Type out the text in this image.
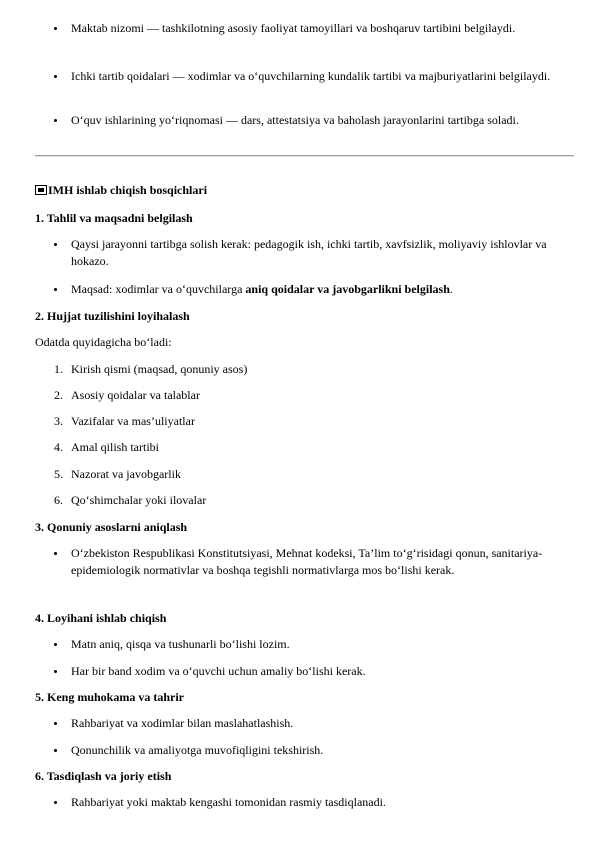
Maktab nizomi — tashkilotning asosiy faoliyat tamoyillari va boshqaruv tartibini belgilaydi.
Ichki tartib qoidalari — xodimlar va o‘quvchilarning kundalik tartibi va majburiyatlarini belgilaydi.
O‘quv ishlarining yo‘riqnomasi — dars, attestatsiya va baholash jarayonlarini tartibga soladi.
IMH ishlab chiqish bosqichlari
1. Tahlil va maqsadni belgilash
Qaysi jarayonni tartibga solish kerak: pedagogik ish, ichki tartib, xavfsizlik, moliyaviy ishlovlar va hokazo.
Maqsad: xodimlar va o‘quvchilarga aniq qoidalar va javobgarlikni belgilash.
2. Hujjat tuzilishini loyihalash
Odatda quyidagicha bo‘ladi:
1. Kirish qismi (maqsad, qonuniy asos)
2. Asosiy qoidalar va talablar
3. Vazifalar va mas’uliyatlar
4. Amal qilish tartibi
5. Nazorat va javobgarlik
6. Qo‘shimchalar yoki ilovalar
3. Qonuniy asoslarni aniqlash
O‘zbekiston Respublikasi Konstitutsiyasi, Mehnat kodeksi, Ta’lim to‘g‘risidagi qonun, sanitariya-epidemiologik normativlar va boshqa tegishli normativlarga mos bo‘lishi kerak.
4. Loyihani ishlab chiqish
Matn aniq, qisqa va tushunarli bo‘lishi lozim.
Har bir band xodim va o‘quvchi uchun amaliy bo‘lishi kerak.
5. Keng muhokama va tahrir
Rahbariyat va xodimlar bilan maslahatlashish.
Qonunchilik va amaliyotga muvofiqligini tekshirish.
6. Tasdiqlash va joriy etish
Rahbariyat yoki maktab kengashi tomonidan rasmiy tasdiqlanadi.
